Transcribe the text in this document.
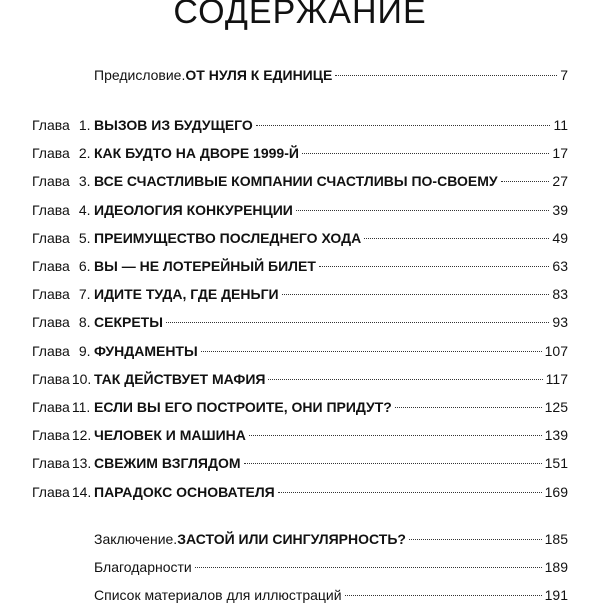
СОДЕРЖАНИЕ
Предисловие. ОТ НУЛЯ К ЕДИНИЦЕ	7
Глава 1. ВЫЗОВ ИЗ БУДУЩЕГО	11
Глава 2. КАК БУДТО НА ДВОРЕ 1999-Й	17
Глава 3. ВСЕ СЧАСТЛИВЫЕ КОМПАНИИ СЧАСТЛИВЫ ПО-СВОЕМУ	27
Глава 4. ИДЕОЛОГИЯ КОНКУРЕНЦИИ	39
Глава 5. ПРЕИМУЩЕСТВО ПОСЛЕДНЕГО ХОДА	49
Глава 6. ВЫ — НЕ ЛОТЕРЕЙНЫЙ БИЛЕТ	63
Глава 7. ИДИТЕ ТУДА, ГДЕ ДЕНЬГИ	83
Глава 8. СЕКРЕТЫ	93
Глава 9. ФУНДАМЕНТЫ	107
Глава 10. ТАК ДЕЙСТВУЕТ МАФИЯ	117
Глава 11. ЕСЛИ ВЫ ЕГО ПОСТРОИТЕ, ОНИ ПРИДУТ?	125
Глава 12. ЧЕЛОВЕК И МАШИНА	139
Глава 13. СВЕЖИМ ВЗГЛЯДОМ	151
Глава 14. ПАРАДОКС ОСНОВАТЕЛЯ	169
Заключение. ЗАСТОЙ ИЛИ СИНГУЛЯРНОСТЬ?	185
Благодарности	189
Список материалов для иллюстраций	191
